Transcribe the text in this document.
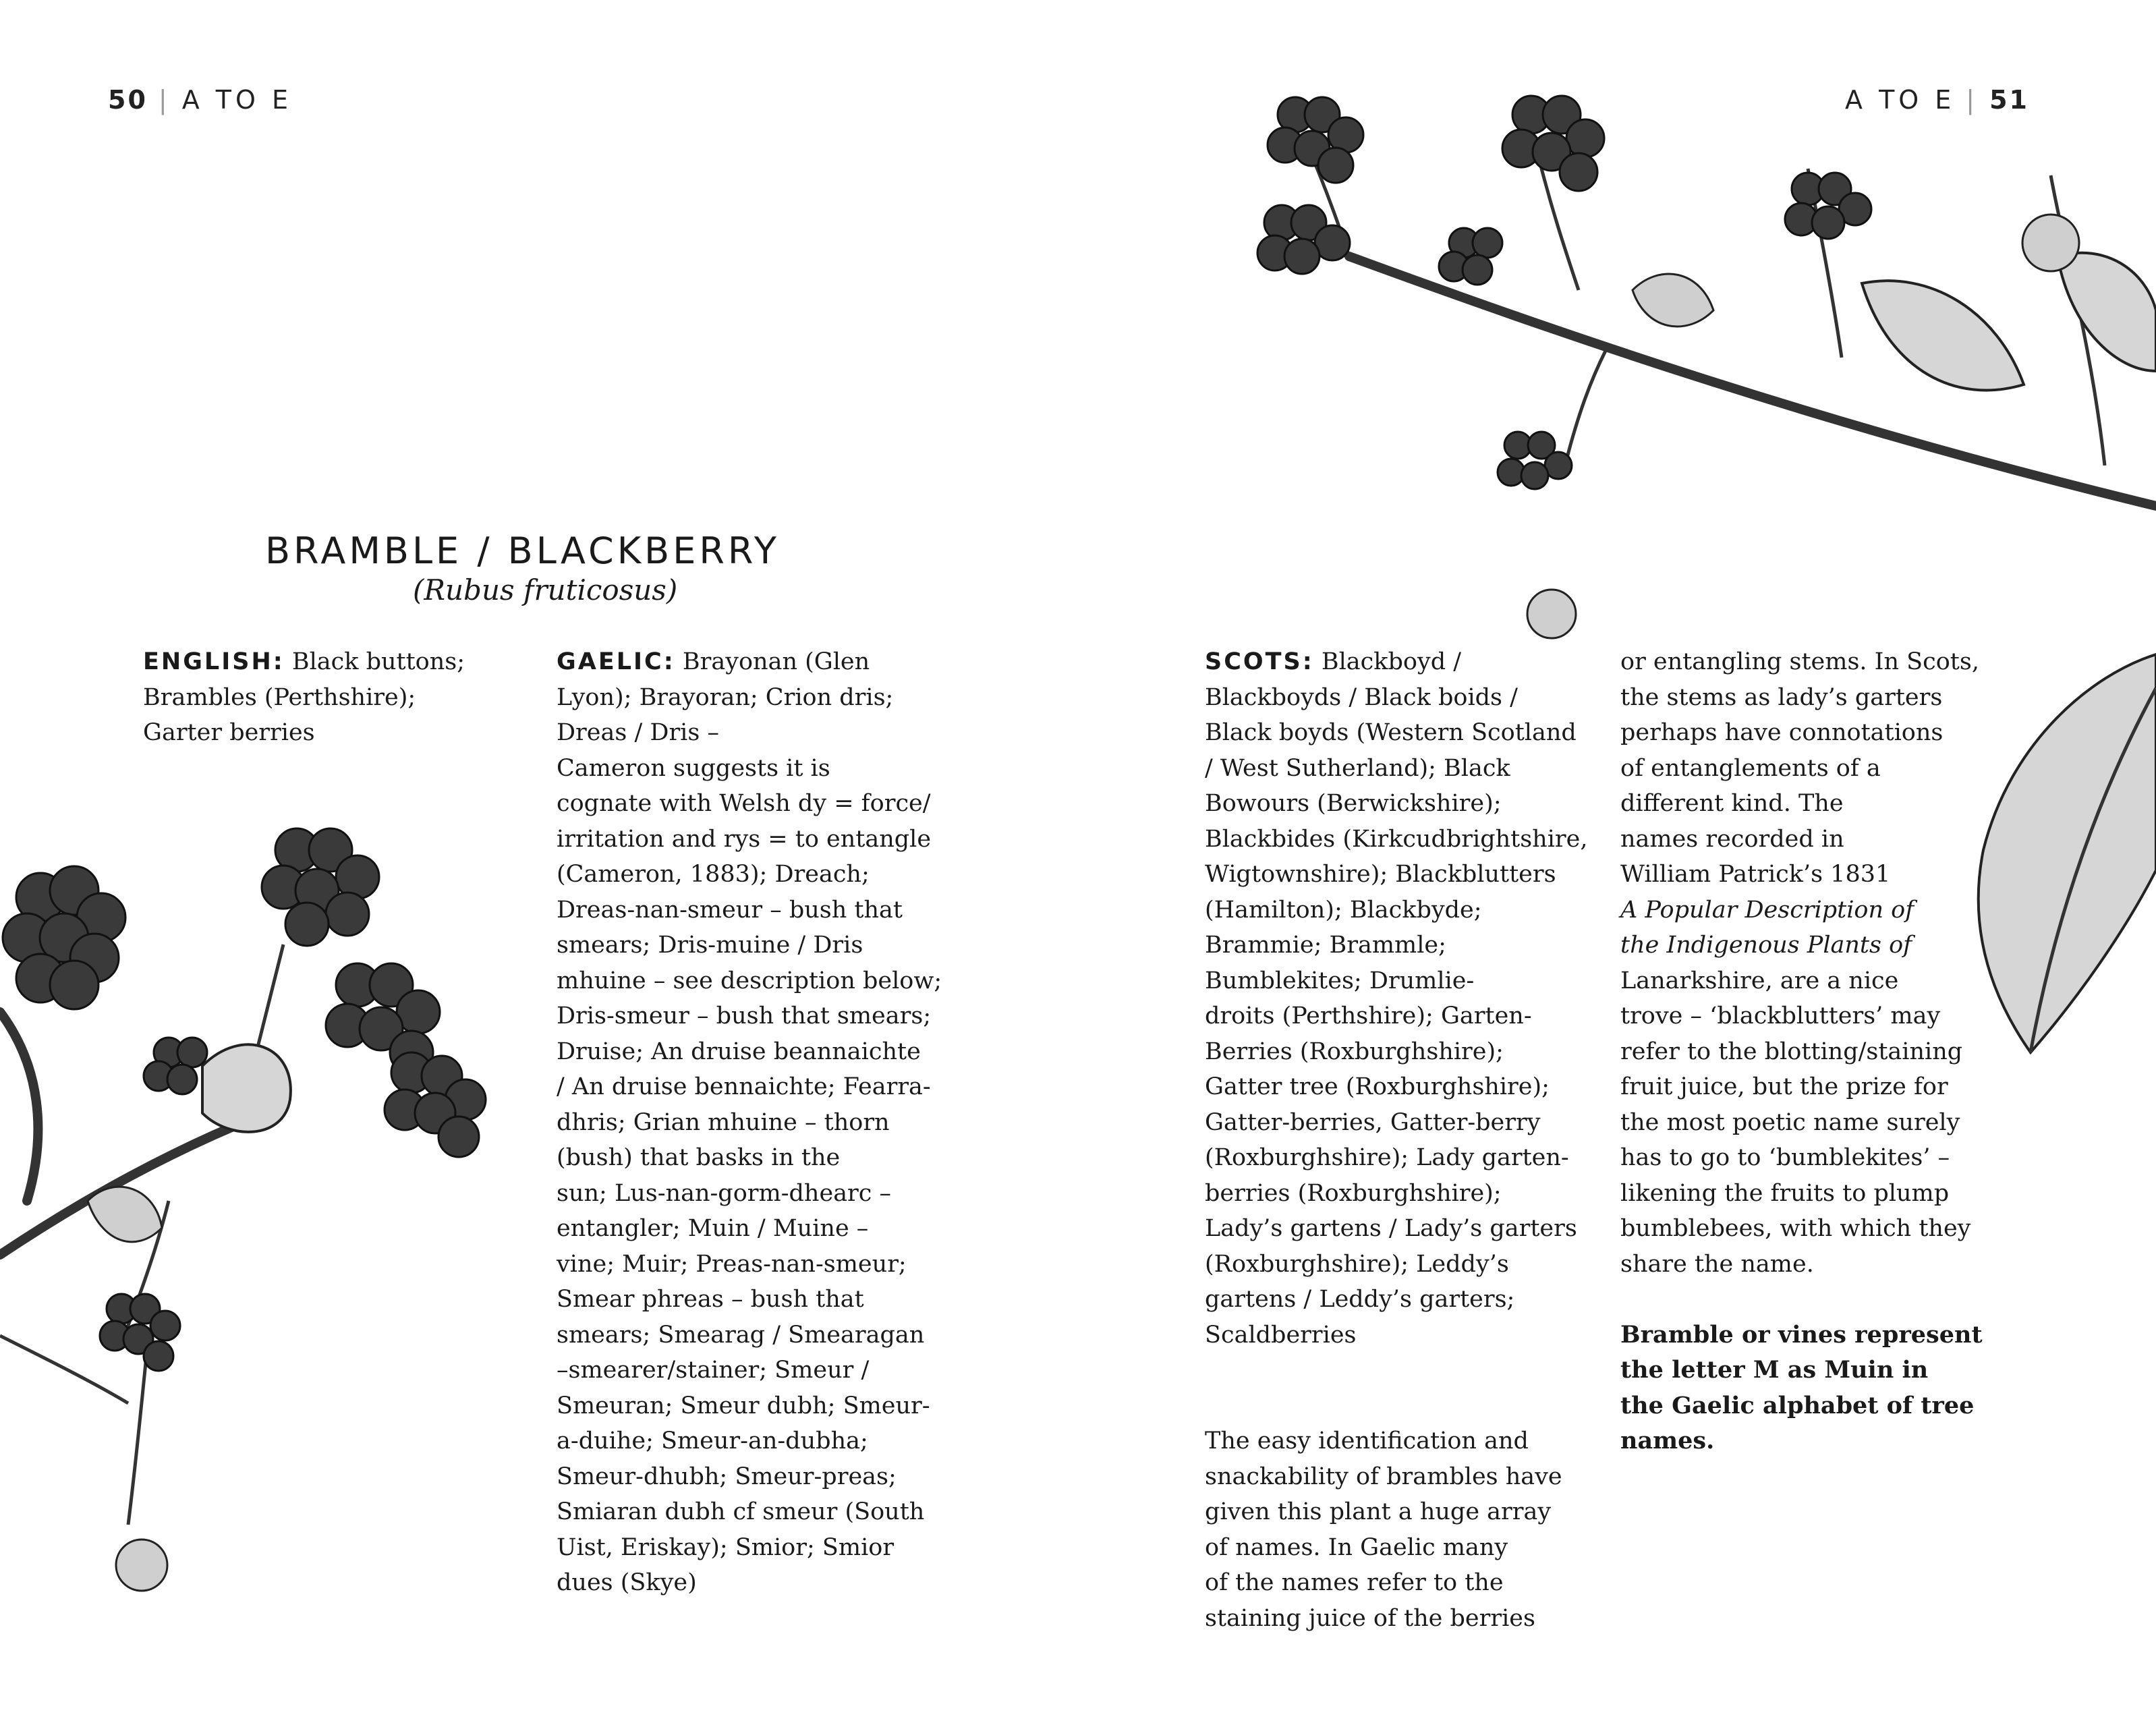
50 | A TO E	A TO E | 51
BRAMBLE / BLACKBERRY
(Rubus fruticosus)

ENGLISH: Black buttons;

Brambles (Perthshire);

Garter berries

GAELIC: Brayonan (Glen

Lyon); Brayoran; Crion dris;

Dreas / Dris –

Cameron suggests it is

cognate with Welsh dy = force/

irritation and rys = to entangle

(Cameron, 1883); Dreach;

Dreas-nan-smeur – bush that

smears; Dris-muine / Dris

mhuine – see description below;

Dris-smeur – bush that smears;

Druise; An druise beannaichte

/ An druise bennaichte; Fearra-

dhris; Grian mhuine – thorn

(bush) that basks in the

sun; Lus-nan-gorm-dhearc –

entangler; Muin / Muine –

vine; Muir; Preas-nan-smeur;

Smear phreas – bush that

smears; Smearag / Smearagan

–smearer/stainer; Smeur /

Smeuran; Smeur dubh; Smeur-

a-duihe; Smeur-an-dubha;

Smeur-dhubh; Smeur-preas;

Smiaran dubh cf smeur (South

Uist, Eriskay); Smior; Smior

dues (Skye)

SCOTS: Blackboyd /

Blackboyds / Black boids /

Black boyds (Western Scotland

/ West Sutherland); Black

Bowours (Berwickshire);

Blackbides (Kirkcudbrightshire,

Wigtownshire); Blackblutters

(Hamilton); Blackbyde;

Brammie; Brammle;

Bumblekites; Drumlie-

droits (Perthshire); Garten-

Berries (Roxburghshire);

Gatter tree (Roxburghshire);

Gatter-berries, Gatter-berry

(Roxburghshire); Lady garten-

berries (Roxburghshire);

Lady’s gartens / Lady’s garters

(Roxburghshire); Leddy’s

gartens / Leddy’s garters;

Scaldberries

The easy identification and

snackability of brambles have

given this plant a huge array

of names. In Gaelic many

of the names refer to the

staining juice of the berries

or entangling stems. In Scots,

the stems as lady’s garters

perhaps have connotations

of entanglements of a

different kind. The

names recorded in

William Patrick’s 1831

A Popular Description of

the Indigenous Plants of

Lanarkshire, are a nice

trove – ‘blackblutters’ may

refer to the blotting/staining

fruit juice, but the prize for

the most poetic name surely

has to go to ‘bumblekites’ –

likening the fruits to plump

bumblebees, with which they

share the name.

Bramble or vines represent

the letter M as Muin in

the Gaelic alphabet of tree

names.
